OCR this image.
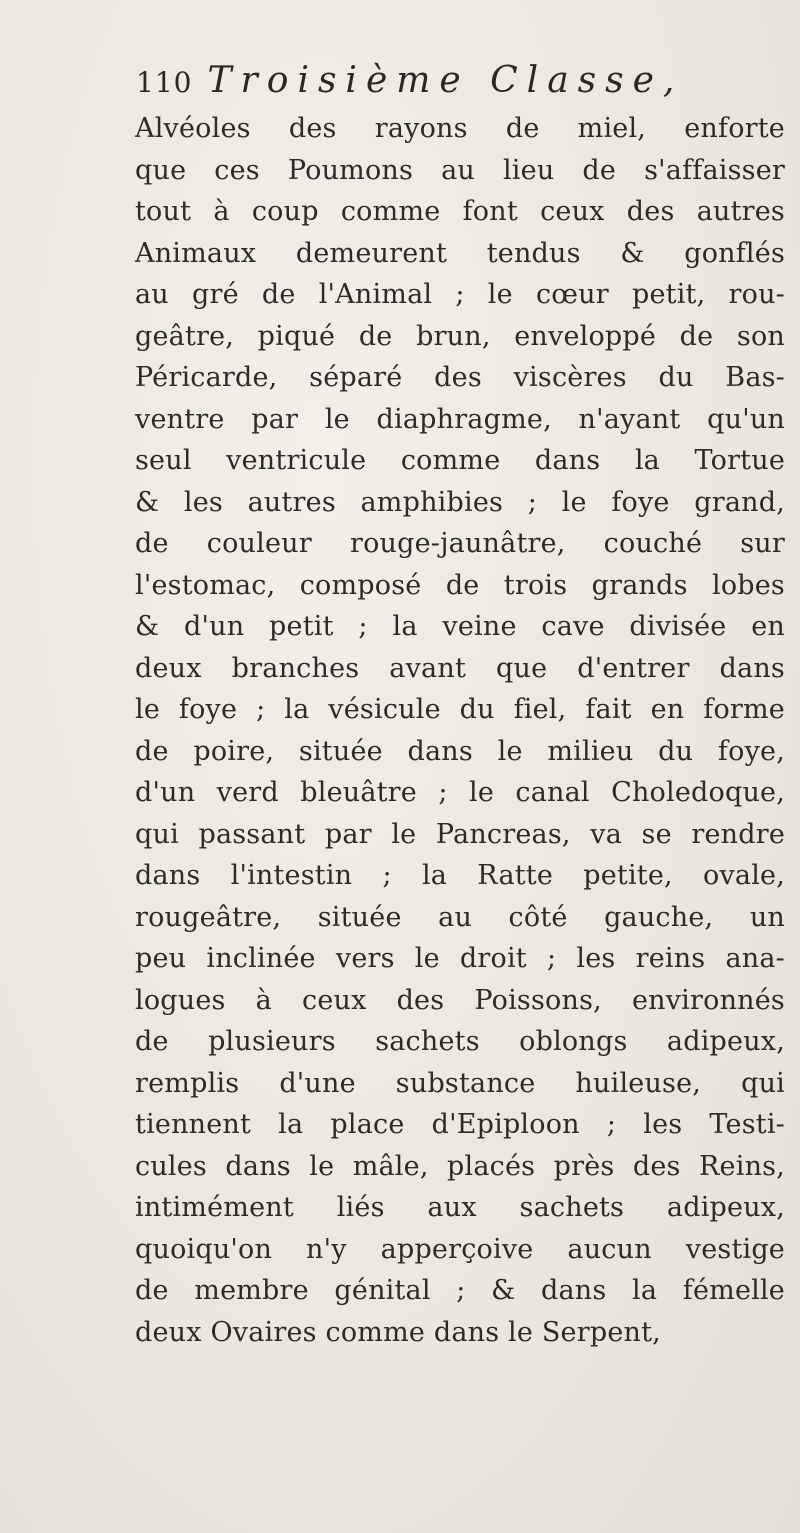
110 Troisième Classe,
Alvéoles des rayons de miel, enforte
que ces Poumons au lieu de s'affaisser
tout à coup comme font ceux des autres
Animaux demeurent tendus & gonflés
au gré de l'Animal ; le cœur petit, rou-
geâtre, piqué de brun, enveloppé de son
Péricarde, séparé des viscères du Bas-
ventre par le diaphragme, n'ayant qu'un
seul ventricule comme dans la Tortue
& les autres amphibies ; le foye grand,
de couleur rouge-jaunâtre, couché sur
l'estomac, composé de trois grands lobes
& d'un petit ; la veine cave divisée en
deux branches avant que d'entrer dans
le foye ; la vésicule du fiel, fait en forme
de poire, située dans le milieu du foye,
d'un verd bleuâtre ; le canal Choledoque,
qui passant par le Pancreas, va se rendre
dans l'intestin ; la Ratte petite, ovale,
rougeâtre, située au côté gauche, un
peu inclinée vers le droit ; les reins ana-
logues à ceux des Poissons, environnés
de plusieurs sachets oblongs adipeux,
remplis d'une substance huileuse, qui
tiennent la place d'Epiploon ; les Testi-
cules dans le mâle, placés près des Reins,
intimément liés aux sachets adipeux,
quoiqu'on n'y apperçoive aucun vestige
de membre génital ; & dans la fémelle
deux Ovaires comme dans le Serpent,
